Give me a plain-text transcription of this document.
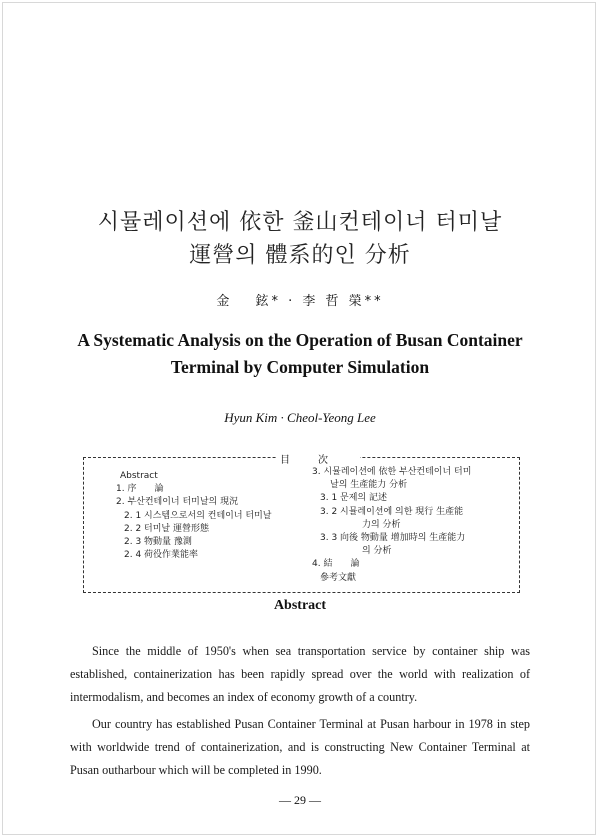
시뮬레이션에 依한 釜山컨테이너 터미날
運營의 體系的인 分析
金　 鉉* · 李 哲 榮**
A Systematic Analysis on the Operation of Busan Container
Terminal by Computer Simulation
Hyun Kim · Cheol-Yeong Lee
目次
Abstract
1. 序　　論
2. 부산컨테이너 터미날의 現況
2. 1 시스템으로서의 컨테이너 터미날
2. 2 터미날 運營形態
2. 3 物動量 豫測
2. 4 荷役作業能率
3. 시뮬레이션에 依한 부산컨테이너 터미
날의 生產能力 分析
3. 1 문제의 記述
3. 2 시뮬레이션에 의한 現行 生產能
力의 分析
3. 3 向後 物動量 增加時의 生產能力
의 分析
4. 結　　論
參考文獻
Abstract

Since the middle of 1950's when sea transportation service by container ship was established, containerization has been rapidly spread over the world with realization of intermodalism, and becomes an index of economy growth of a country.

Our country has established Pusan Container Terminal at Pusan harbour in 1978 in step with worldwide trend of containerization, and is constructing New Container Terminal at Pusan outharbour which will be completed in 1990.

— 29 —
